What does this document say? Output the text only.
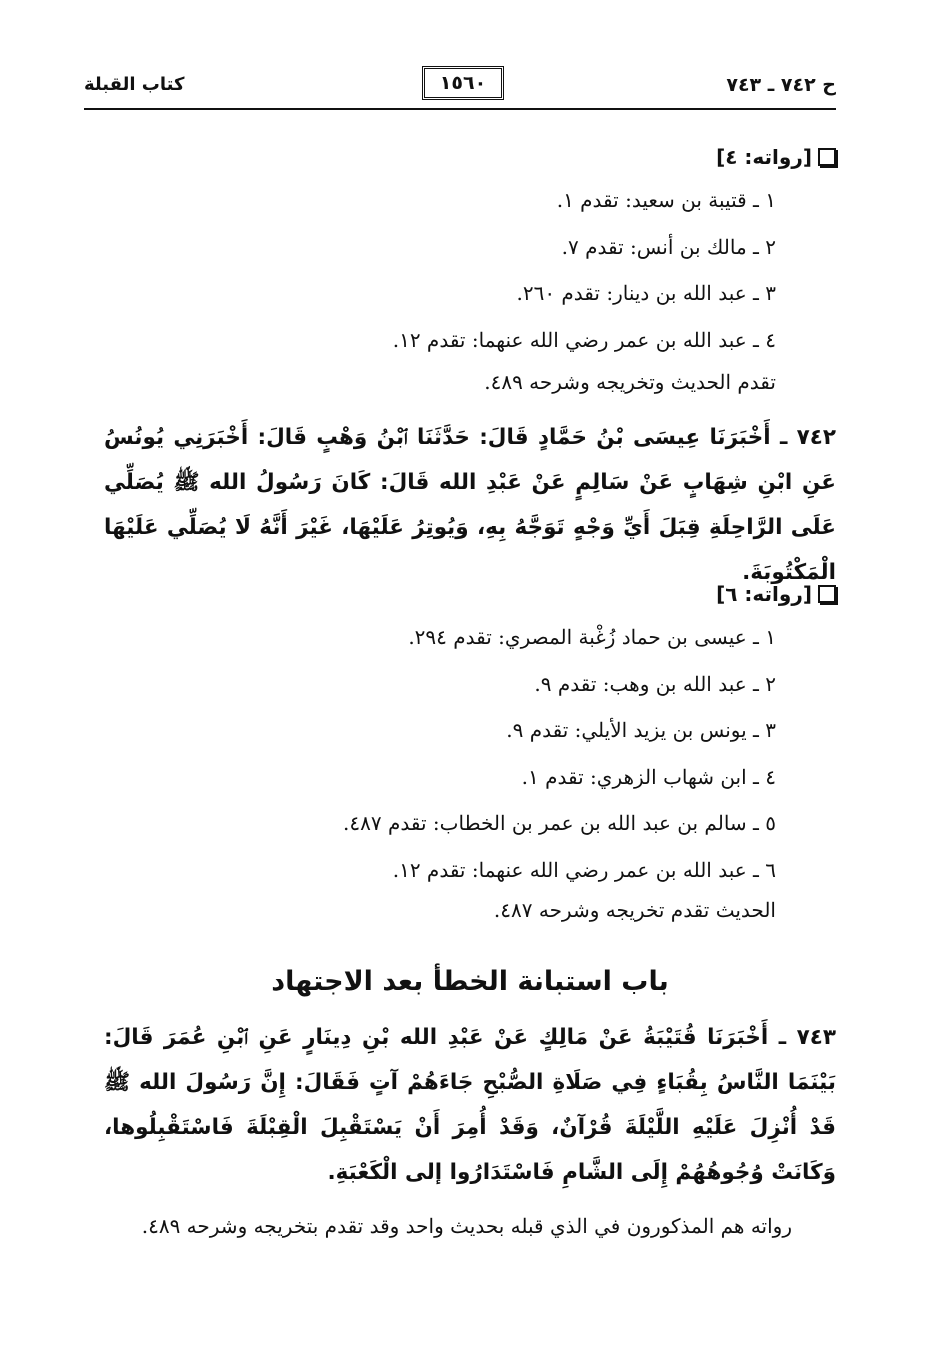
ح ٧٤٢ ـ ٧٤٣
١٥٦٠
كتاب القبلة
[رواته: ٤]
١ ـ قتيبة بن سعيد: تقدم ١.
٢ ـ مالك بن أنس: تقدم ٧.
٣ ـ عبد الله بن دينار: تقدم ٢٦٠.
٤ ـ عبد الله بن عمر رضي الله عنهما: تقدم ١٢.
تقدم الحديث وتخريجه وشرحه ٤٨٩.
٧٤٢ ـ أَخْبَرَنَا عِيسَى بْنُ حَمَّادٍ قَالَ: حَدَّثَنَا ٱبْنُ وَهْبٍ قَالَ: أَخْبَرَنِي يُونُسُ عَنِ ابْنِ شِهَابٍ عَنْ سَالِمٍ عَنْ عَبْدِ الله قَالَ: كَانَ رَسُولُ الله ﷺ يُصَلِّي عَلَى الرَّاحِلَةِ قِبَلَ أَيِّ وَجْهٍ تَوَجَّهُ بِهِ، وَيُوتِرُ عَلَيْهَا، غَيْرَ أَنَّهُ لَا يُصَلِّي عَلَيْهَا الْمَكْتُوبَةَ.
[رواته: ٦]
١ ـ عيسى بن حماد زُغْبة المصري: تقدم ٢٩٤.
٢ ـ عبد الله بن وهب: تقدم ٩.
٣ ـ يونس بن يزيد الأيلي: تقدم ٩.
٤ ـ ابن شهاب الزهري: تقدم ١.
٥ ـ سالم بن عبد الله بن عمر بن الخطاب: تقدم ٤٨٧.
٦ ـ عبد الله بن عمر رضي الله عنهما: تقدم ١٢.
الحديث تقدم تخريجه وشرحه ٤٨٧.
باب استبانة الخطأ بعد الاجتهاد
٧٤٣ ـ أَخْبَرَنَا قُتَيْبَةُ عَنْ مَالِكٍ عَنْ عَبْدِ الله بْنِ دِينَارٍ عَنِ ٱبْنِ عُمَرَ قَالَ: بَيْنَمَا النَّاسُ بِقُبَاءٍ فِي صَلَاةِ الصُّبْحِ جَاءَهُمْ آتٍ فَقَالَ: إِنَّ رَسُولَ الله ﷺ قَدْ أُنْزِلَ عَلَيْهِ اللَّيْلَةَ قُرْآنٌ، وَقَدْ أُمِرَ أَنْ يَسْتَقْبِلَ الْقِبْلَةَ فَاسْتَقْبِلُوها، وَكَانَتْ وُجُوهُهُمْ إِلَى الشَّامِ فَاسْتَدَارُوا إلى الْكَعْبَةِ.
رواته هم المذكورون في الذي قبله بحديث واحد وقد تقدم بتخريجه وشرحه ٤٨٩.
